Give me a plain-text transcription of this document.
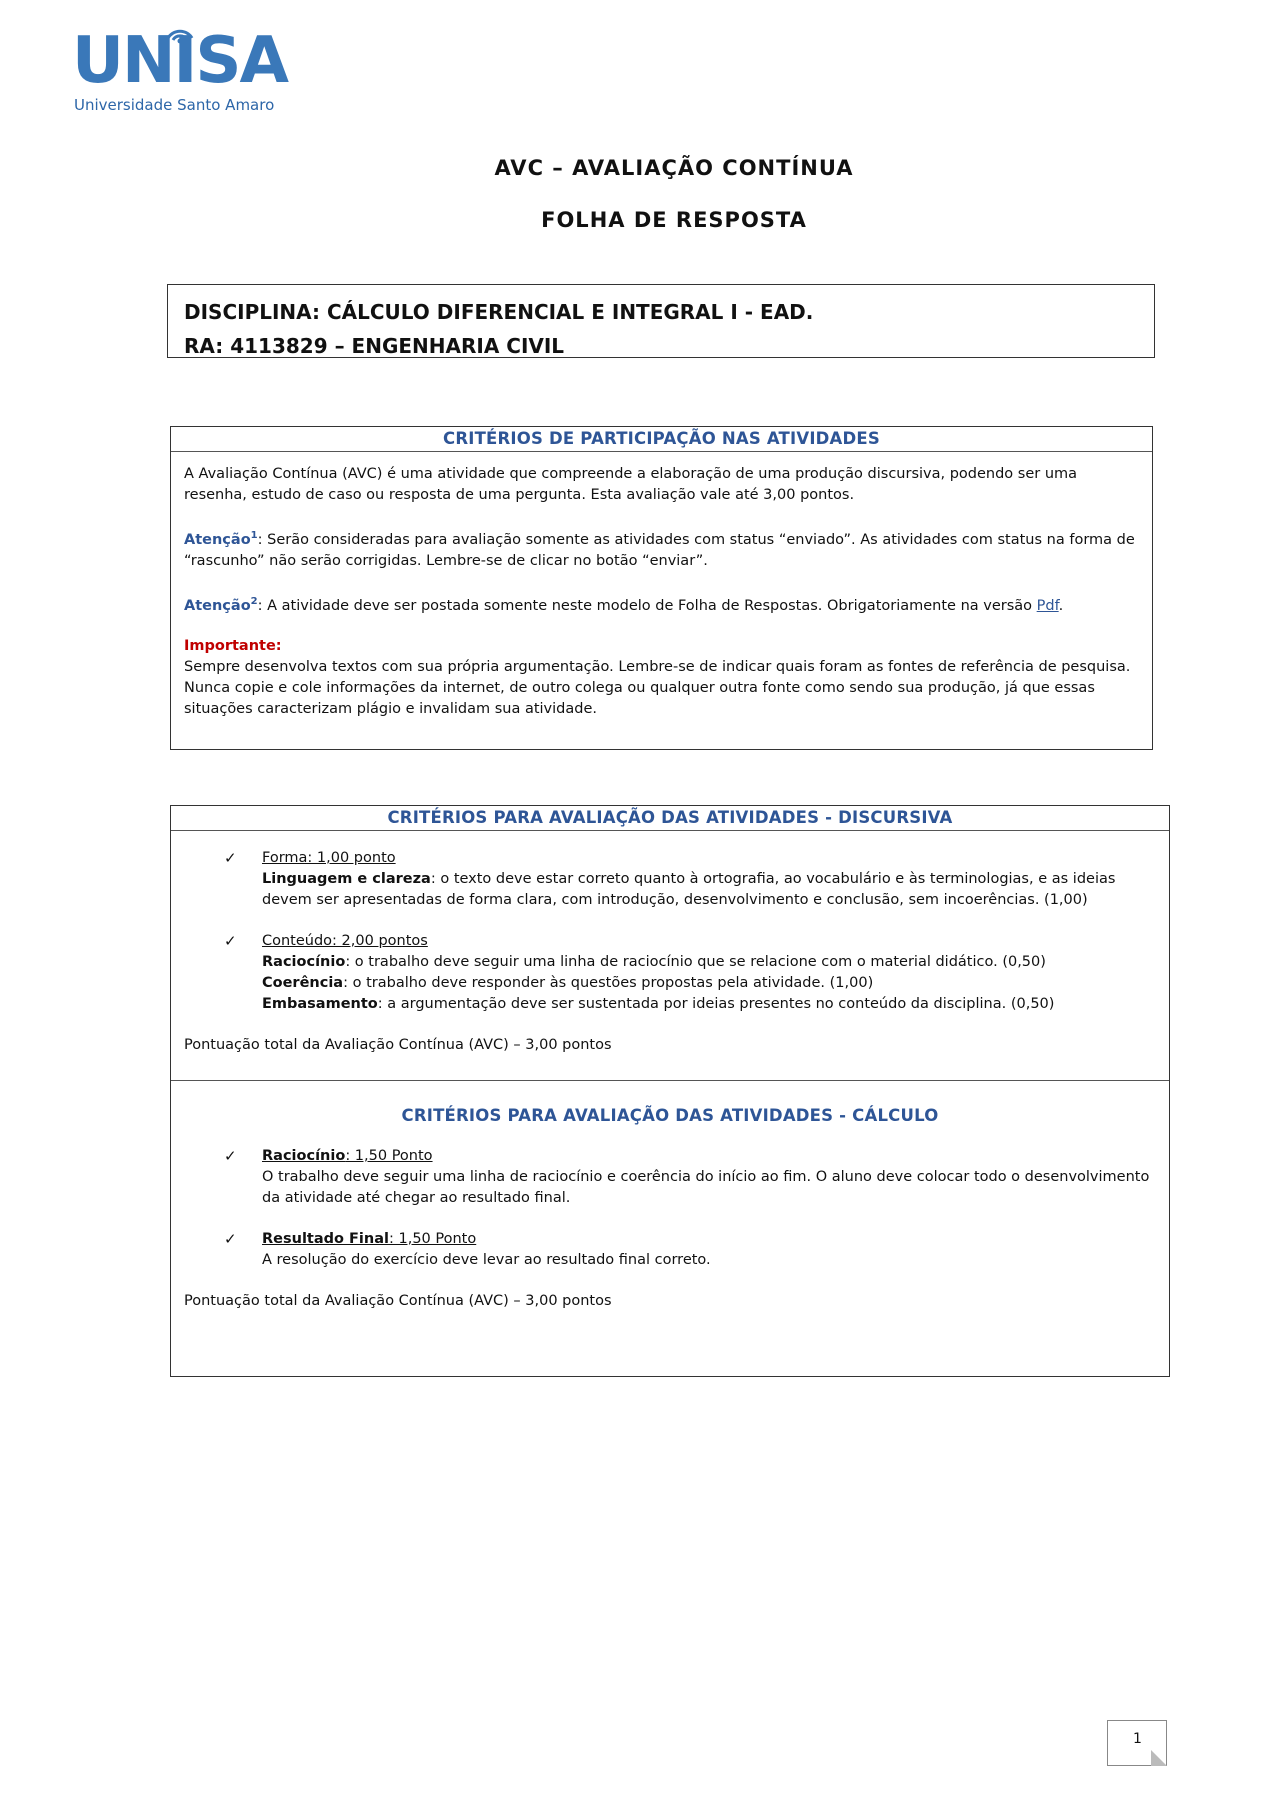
UNISA
Universidade Santo Amaro
AVC – AVALIAÇÃO CONTÍNUA
FOLHA DE RESPOSTA
DISCIPLINA: CÁLCULO DIFERENCIAL E INTEGRAL I - EAD.
RA: 4113829 – ENGENHARIA CIVIL
CRITÉRIOS DE PARTICIPAÇÃO NAS ATIVIDADES

A Avaliação Contínua (AVC) é uma atividade que compreende a elaboração de uma produção discursiva, podendo ser uma resenha, estudo de caso ou resposta de uma pergunta. Esta avaliação vale até 3,00 pontos.

Atenção$^1$: Serão consideradas para avaliação somente as atividades com status “enviado”. As atividades com status na forma de “rascunho” não serão corrigidas. Lembre-se de clicar no botão “enviar”.

Atenção$^2$: A atividade deve ser postada somente neste modelo de Folha de Respostas. Obrigatoriamente na versão Pdf.

Importante:
Sempre desenvolva textos com sua própria argumentação. Lembre-se de indicar quais foram as fontes de referência de pesquisa. Nunca copie e cole informações da internet, de outro colega ou qualquer outra fonte como sendo sua produção, já que essas situações caracterizam plágio e invalidam sua atividade.
CRITÉRIOS PARA AVALIAÇÃO DAS ATIVIDADES - DISCURSIVA
✓ Forma: 1,00 ponto
Linguagem e clareza: o texto deve estar correto quanto à ortografia, ao vocabulário e às terminologias, e as ideias devem ser apresentadas de forma clara, com introdução, desenvolvimento e conclusão, sem incoerências. (1,00)
✓ Conteúdo: 2,00 pontos
Raciocínio: o trabalho deve seguir uma linha de raciocínio que se relacione com o material didático. (0,50)
Coerência: o trabalho deve responder às questões propostas pela atividade. (1,00)
Embasamento: a argumentação deve ser sustentada por ideias presentes no conteúdo da disciplina. (0,50)
Pontuação total da Avaliação Contínua (AVC) – 3,00 pontos
CRITÉRIOS PARA AVALIAÇÃO DAS ATIVIDADES - CÁLCULO
✓ Raciocínio: 1,50 Ponto
O trabalho deve seguir uma linha de raciocínio e coerência do início ao fim. O aluno deve colocar todo o desenvolvimento da atividade até chegar ao resultado final.
✓ Resultado Final: 1,50 Ponto
A resolução do exercício deve levar ao resultado final correto.
Pontuação total da Avaliação Contínua (AVC) – 3,00 pontos
1
